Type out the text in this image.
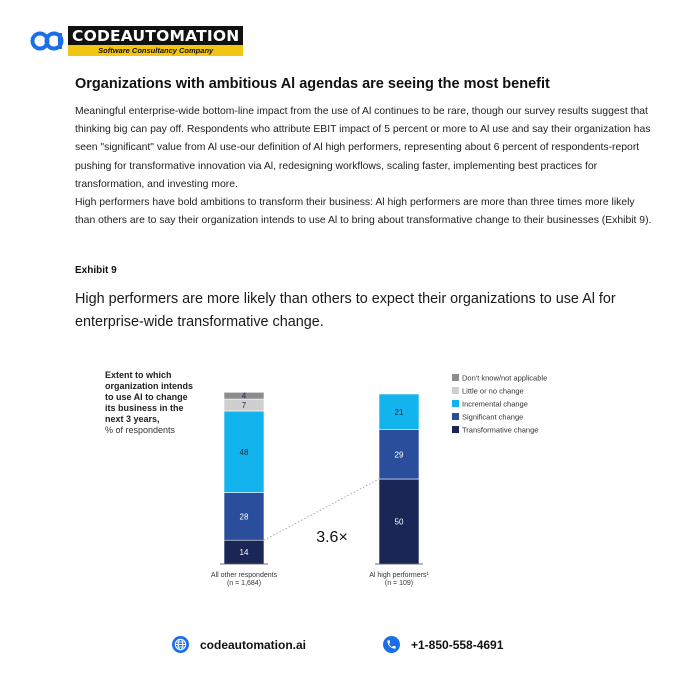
CODEAUTOMATION
Software Consultancy Company
Organizations with ambitious Al agendas are seeing the most benefit

Meaningful enterprise-wide bottom-line impact from the use of Al continues to be rare, though our survey results suggest that thinking big can pay off. Respondents who attribute EBIT impact of 5 percent or more to Al use and say their organization has seen "significant" value from Al use-our definition of Al high performers, representing about 6 percent of respondents-report pushing for transformative innovation via Al, redesigning workflows, scaling faster, implementing best practices for transformation, and investing more.

High performers have bold ambitions to transform their business: Al high performers are more than three times more likely than others are to say their organization intends to use Al to bring about transformative change to their businesses (Exhibit 9).

Exhibit 9
High performers are more likely than others to expect their organizations to use Al for enterprise-wide transformative change.
Extent to which
organization intends
to use Al to change
its business in the
next 3 years,
% of respondents
14
28
48
7
4
All other respondents
(n = 1,684)
50
29
21
Al high performers¹
(n = 109)
3.6×
Don't know/not applicable
Little or no change
Incremental change
Significant change
Transformative change
codeautomation.ai	+1-850-558-4691
